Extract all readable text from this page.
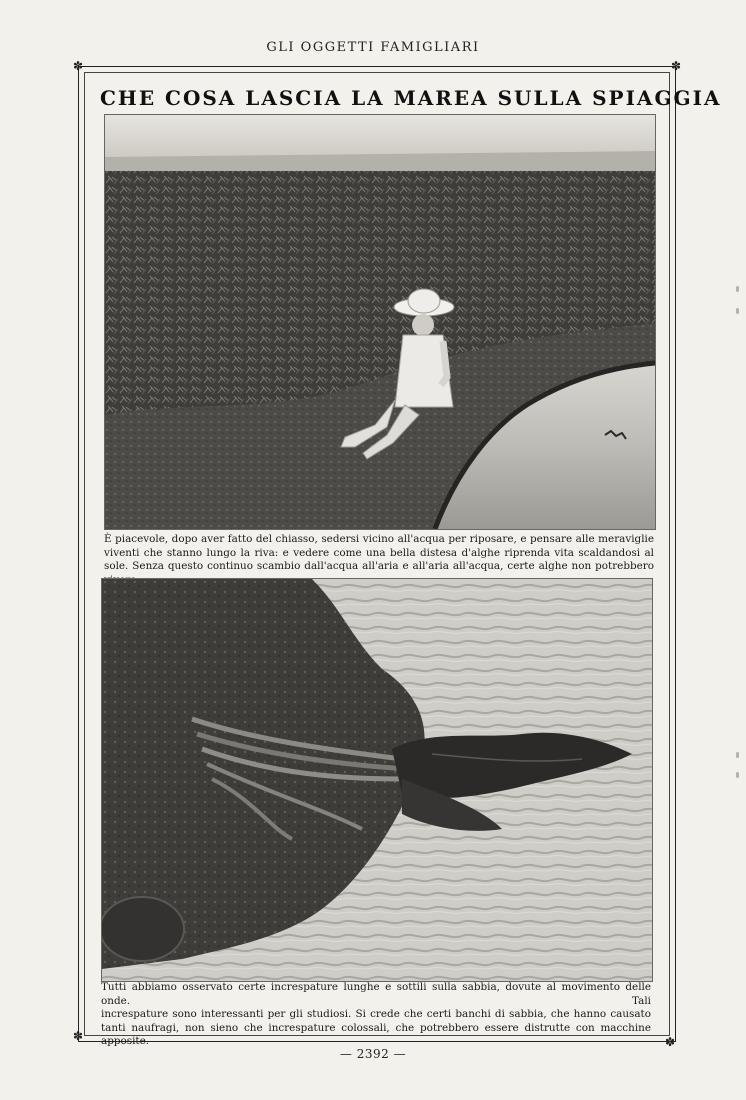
GLI OGGETTI FAMIGLIARI
✽	✽
✽	✽
CHE COSA LASCIA LA MAREA SULLA SPIAGGIA
È piacevole, dopo aver fatto del chiasso, sedersi vicino all'acqua per riposare, e pensare alle meraviglie
viventi che stanno lungo la riva: e vedere come una bella distesa d'alghe riprenda vita scaldandosi al
sole. Senza questo continuo scambio dall'acqua all'aria e all'aria all'acqua, certe alghe non potrebbero
Tutti abbiamo osservato certe increspature lunghe e sottili sulla sabbia, dovute al movimento delle onde. Tali
increspature sono interessanti per gli studiosi. Si crede che certi banchi di sabbia, che hanno causato
tanti naufragi, non sieno che increspature colossali, che potrebbero essere distrutte con macchine apposite.
— 2392 —
